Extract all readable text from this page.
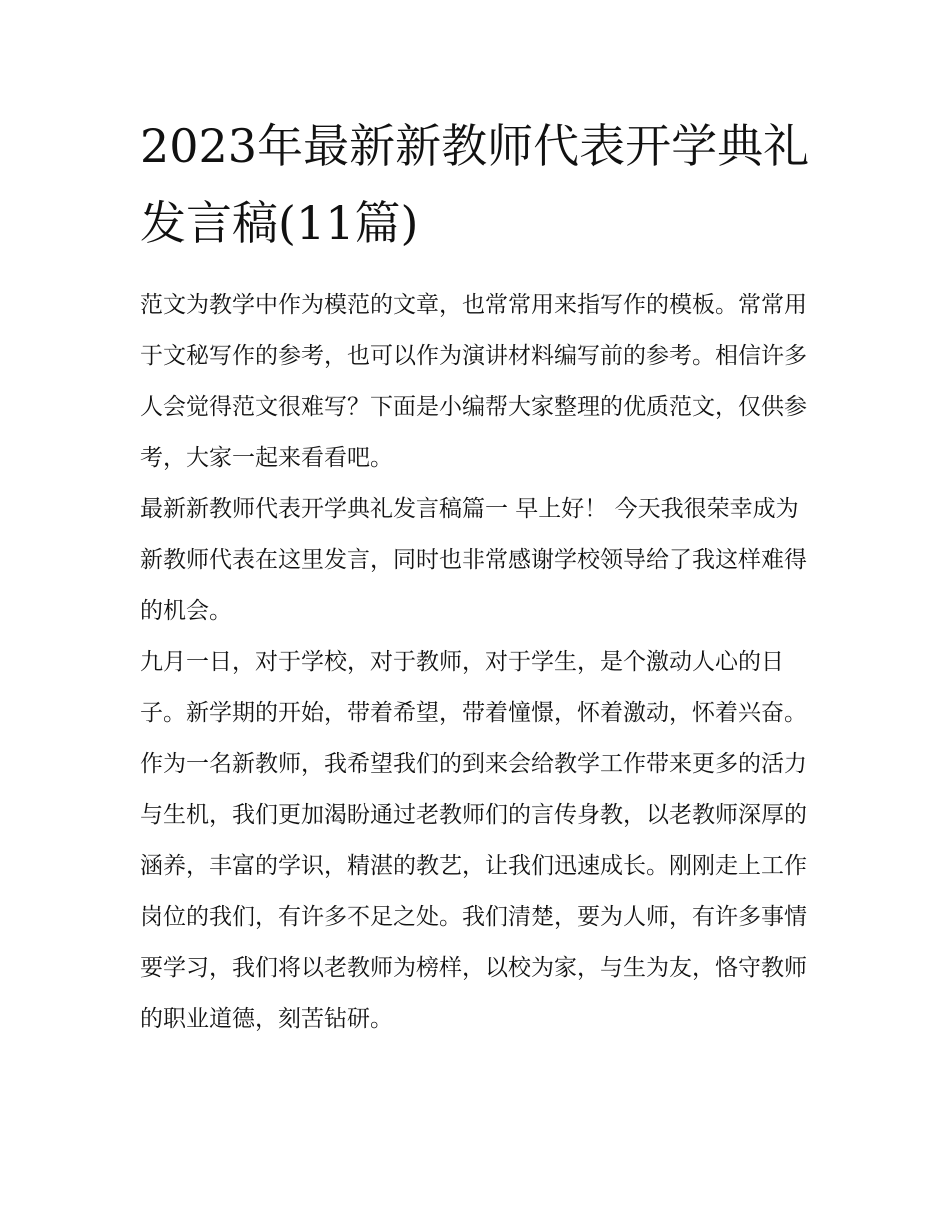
2023年最新新教师代表开学典礼发言稿(11篇)

范文为教学中作为模范的文章，也常常用来指写作的模板。常常用于文秘写作的参考，也可以作为演讲材料编写前的参考。相信许多人会觉得范文很难写？下面是小编帮大家整理的优质范文，仅供参考，大家一起来看看吧。

最新新教师代表开学典礼发言稿篇一 早上好！ 今天我很荣幸成为新教师代表在这里发言，同时也非常感谢学校领导给了我这样难得的机会。

九月一日，对于学校，对于教师，对于学生，是个激动人心的日子。新学期的开始，带着希望，带着憧憬，怀着激动，怀着兴奋。

作为一名新教师，我希望我们的到来会给教学工作带来更多的活力与生机，我们更加渴盼通过老教师们的言传身教，以老教师深厚的涵养，丰富的学识，精湛的教艺，让我们迅速成长。刚刚走上工作岗位的我们，有许多不足之处。我们清楚，要为人师，有许多事情要学习，我们将以老教师为榜样，以校为家，与生为友，恪守教师的职业道德，刻苦钻研。
